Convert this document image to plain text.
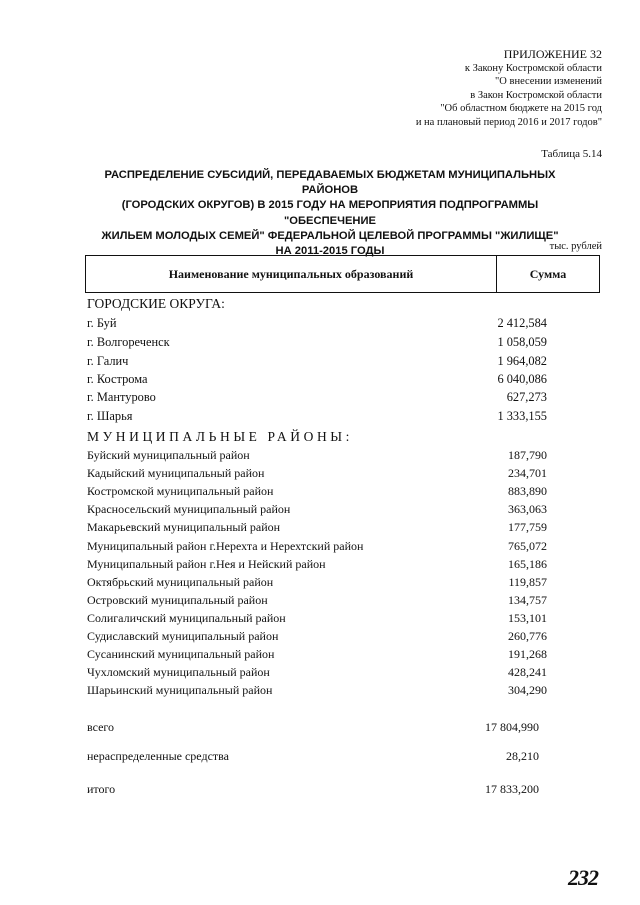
ПРИЛОЖЕНИЕ 32
к Закону Костромской области
"О внесении изменений
в Закон Костромской области
"Об областном бюджете на 2015 год
и на плановый период 2016 и 2017 годов"
Таблица 5.14
РАСПРЕДЕЛЕНИЕ СУБСИДИЙ, ПЕРЕДАВАЕМЫХ БЮДЖЕТАМ МУНИЦИПАЛЬНЫХ РАЙОНОВ
(ГОРОДСКИХ ОКРУГОВ) В 2015 ГОДУ НА МЕРОПРИЯТИЯ ПОДПРОГРАММЫ "ОБЕСПЕЧЕНИЕ
ЖИЛЬЕМ МОЛОДЫХ СЕМЕЙ" ФЕДЕРАЛЬНОЙ ЦЕЛЕВОЙ ПРОГРАММЫ "ЖИЛИЩЕ"
НА 2011-2015 ГОДЫ	тыс. рублей
Наименование муниципальных образований	Сумма
ГОРОДСКИЕ ОКРУГА:
г. Буй	2 412,584
г. Волгореченск	1 058,059
г. Галич	1 964,082
г. Кострома	6 040,086
г. Мантурово	627,273
г. Шарья	1 333,155
МУНИЦИПАЛЬНЫЕ РАЙОНЫ:
Буйский муниципальный район	187,790
Кадыйский муниципальный район	234,701
Костромской муниципальный район	883,890
Красносельский муниципальный район	363,063
Макарьевский муниципальный район	177,759
Муниципальный район г.Нерехта и Нерехтский район	765,072
Муниципальный район г.Нея и Нейский район	165,186
Октябрьский муниципальный район	119,857
Островский муниципальный район	134,757
Солигаличский муниципальный район	153,101
Судиславский муниципальный район	260,776
Сусанинский муниципальный район	191,268
Чухломский муниципальный район	428,241
Шарьинский муниципальный район	304,290
всего	17 804,990
нераспределенные средства	28,210
итого	17 833,200
232
